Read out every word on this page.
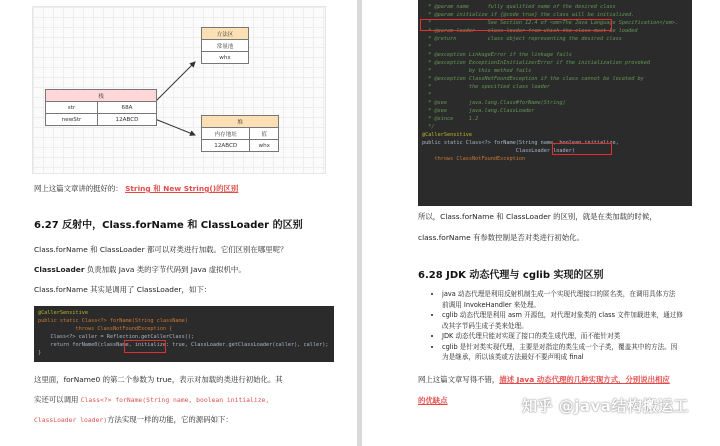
方法区
常量池
whx
栈	
str	68A
newStr	12ABCD	堆	
内存地址	值
12ABCD	whx
网上这篇文章讲的挺好的： String 和 New String()的区别
6.27 反射中，Class.forName 和 ClassLoader 的区别
Class.forName 和 ClassLoader 都可以对类进行加载。它们区别在哪里呢？
ClassLoader 负责加载 Java 类的字节代码到 Java 虚拟机中。
Class.forName 其实是调用了 ClassLoader，如下：
@CallerSensitive
public static Class<?> forName(String className)
throws ClassNotFoundException {
Class<?> caller = Reflection.getCallerClass();
return forName0(className, initialize: true, ClassLoader.getClassLoader(caller), caller);
}
这里面，forName0 的第二个参数为 true，表示对加载的类进行初始化。其
实还可以调用 Class<?> forName(String name, boolean initialize,
ClassLoader loader)方法实现一样的功能，它的源码如下：
* @param name      fully qualified name of the desired class
* @param initialize if {@code true} the class will be initialized.
*                  See Section 12.4 of <em>The Java Language Specification</em>.
* @param loader    class loader from which the class must be loaded
* @return          class object representing the desired class
*
* @exception LinkageError if the linkage fails
* @exception ExceptionInInitializerError if the initialization provoked
*            by this method fails
* @exception ClassNotFoundException if the class cannot be located by
*            the specified class loader
*
* @see       java.lang.Class#forName(String)
* @see       java.lang.ClassLoader
* @since     1.2
*/
@CallerSensitive
public static Class<?> forName(String name, boolean initialize,
ClassLoader loader)
throws ClassNotFoundException
所以，Class.forName 和 ClassLoader 的区别，就是在类加载的时候，
class.forName 有参数控制是否对类进行初始化。
6.28 JDK 动态代理与 cglib 实现的区别
• java 动态代理是利用反射机制生成一个实现代理接口的匿名类，在调用具体方法
前调用 InvokeHandler 来处理。
• cglib 动态代理是利用 asm 开源包，对代理对象类的 class 文件加载进来，通过修
改其字节码生成子类来处理。
• JDK 动态代理只能对实现了接口的类生成代理，而不能针对类
• cglib 是针对类实现代理，主要是对指定的类生成一个子类，覆盖其中的方法。因
为是继承，所以该类或方法最好不要声明成 final
网上这篇文章写得不错，描述 Java 动态代理的几种实现方式，分别说出相应
的优缺点	知乎 @java结构搬运工
